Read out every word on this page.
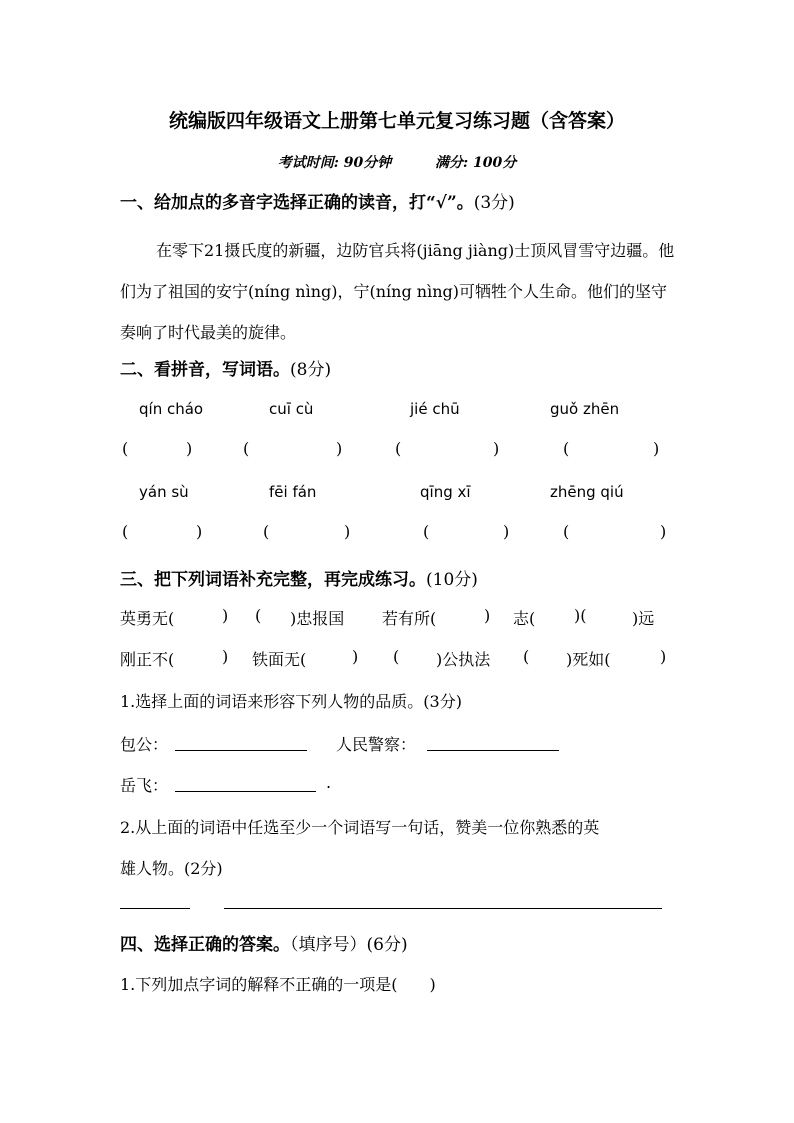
统编版四年级语文上册第七单元复习练习题（含答案）
考试时间: 90分钟	满分: 100分
一、给加点的多音字选择正确的读音，打“√”。(3分)
在零下21摄氏度的新疆，边防官兵将(jiāng jiàng)士顶风冒雪守边疆。他们为了祖国的安宁(níng nìng)，宁(níng nìng)可牺牲个人生命。他们的坚守奏响了时代最美的旋律。
二、看拼音，写词语。(8分)
qín cháo	cuī cù	jié chū	guǒ zhēn
(	)	(	)	(	)	(	)
yán sù	fēi fán	qīng xī	zhēng qiú
(	)	(	)	(	)	(	)
三、把下列词语补充完整，再完成练习。(10分)
英勇无(	) ( )忠报国 若有所(	) 志( )(	)远
刚正不(	) 铁面无(	) ( )公执法 ( )死如(	)
1.选择上面的词语来形容下列人物的品质。(3分)
包公：	人民警察：
岳飞：	.
2.从上面的词语中任选至少一个词语写一句话，赞美一位你熟悉的英
雄人物。(2分)
四、选择正确的答案。（填序号）(6分)
1.下列加点字词的解释不正确的一项是(　　)
